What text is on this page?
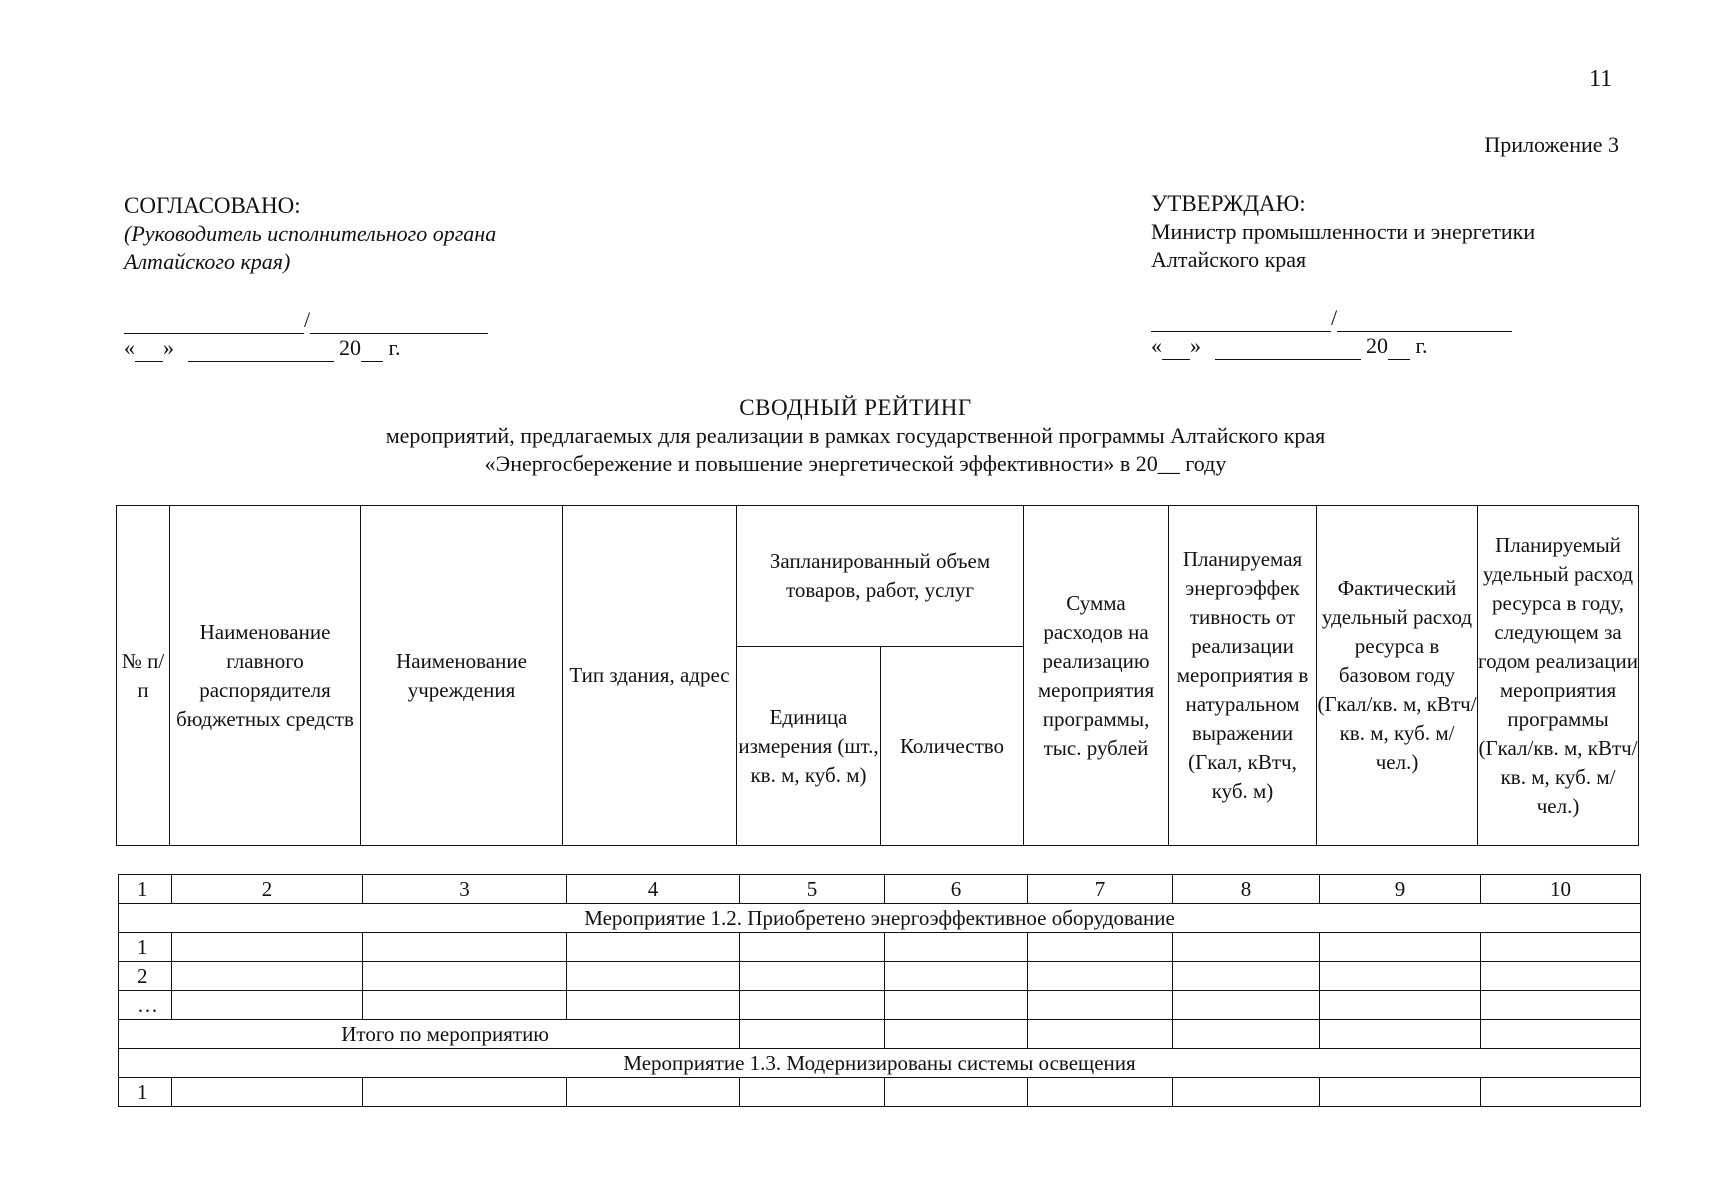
11
Приложение 3
СОГЛАСОВАНО:
(Руководитель исполнительного органа
Алтайского края)
/
« »	20 г.
УТВЕРЖДАЮ:
Министр промышленности и энергетики
Алтайского края
/
« »	20 г.
СВОДНЫЙ РЕЙТИНГ
мероприятий, предлагаемых для реализации в рамках государственной программы Алтайского края
«Энергосбережение и повышение энергетической эффективности» в 20__ году
№ п/ п	Наименование главного распорядителя бюджетных средств	Наименование учреждения	Тип здания, адрес	Запланированный объем товаров, работ, услуг		Сумма расходов на реализацию мероприятия программы, тыс. рублей	Планируемая энергоэффек тивность от реализации мероприятия в натуральном выражении (Гкал, кВтч, куб. м)	Фактический удельный расход ресурса в базовом году (Гкал/кв. м, кВтч/кв. м, куб. м/ чел.)	Планируемый удельный расход ресурса в году, следующем за годом реализации мероприятия программы (Гкал/кв. м, кВтч/кв. м, куб. м/ чел.)
				Единица измерения (шт., кв. м, куб. м)	Количество				
1	2	3	4	5	6	7	8	9	10
Мероприятие 1.2. Приобретено энергоэффективное оборудование									
1									
2									
…									
Итого по мероприятию									
Мероприятие 1.3. Модернизированы системы освещения									
1									
